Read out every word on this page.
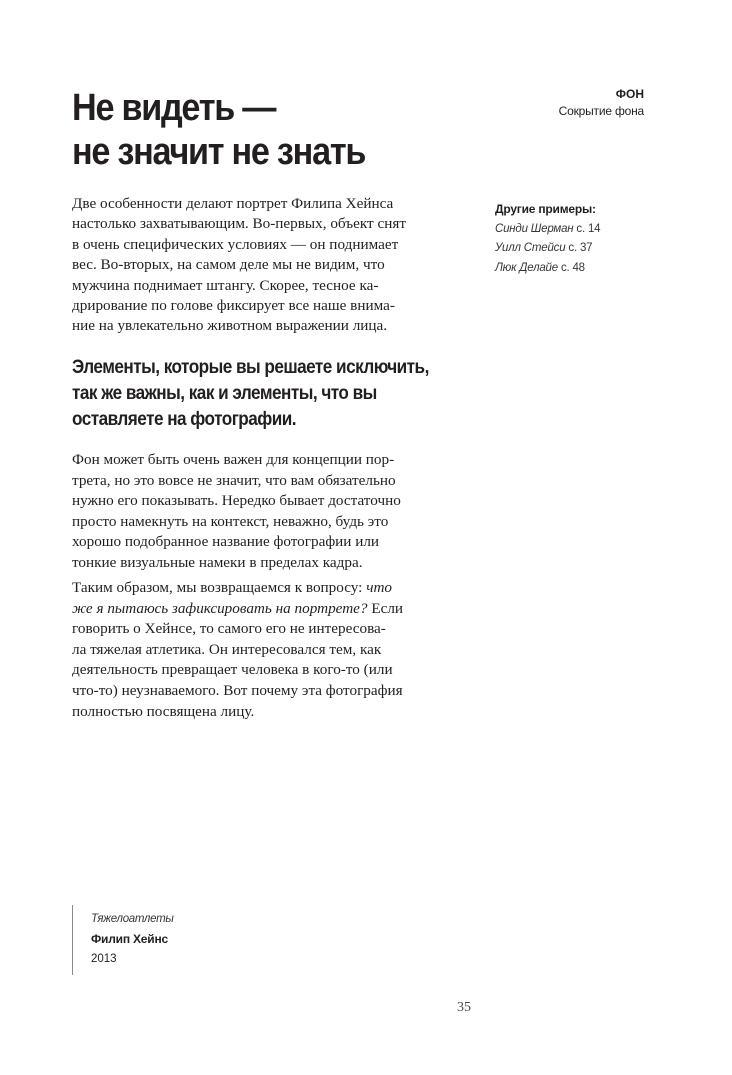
Не видеть —
не значит не знать
ФОН
Сокрытие фона

Две особенности делают портрет Филипа Хейнса
настолько захватывающим. Во-первых, объект снят
в очень специфических условиях — он поднимает
вес. Во-вторых, на самом деле мы не видим, что
мужчина поднимает штангу. Скорее, тесное ка-
дрирование по голове фиксирует все наше внима-
ние на увлекательно животном выражении лица.

Другие примеры:
Синди Шерман с. 14
Уилл Стейси с. 37
Люк Делайе с. 48
Элементы, которые вы решаете исключить,
так же важны, как и элементы, что вы
оставляете на фотографии.

Фон может быть очень важен для концепции пор-
трета, но это вовсе не значит, что вам обязательно
нужно его показывать. Нередко бывает достаточно
просто намекнуть на контекст, неважно, будь это
хорошо подобранное название фотографии или
тонкие визуальные намеки в пределах кадра.

Таким образом, мы возвращаемся к вопросу: что
же я пытаюсь зафиксировать на портрете? Если
говорить о Хейнсе, то самого его не интересова-
ла тяжелая атлетика. Он интересовался тем, как
деятельность превращает человека в кого-то (или
что-то) неузнаваемого. Вот почему эта фотография
полностью посвящена лицу.

Тяжелоатлеты
Филип Хейнс
2013
35
